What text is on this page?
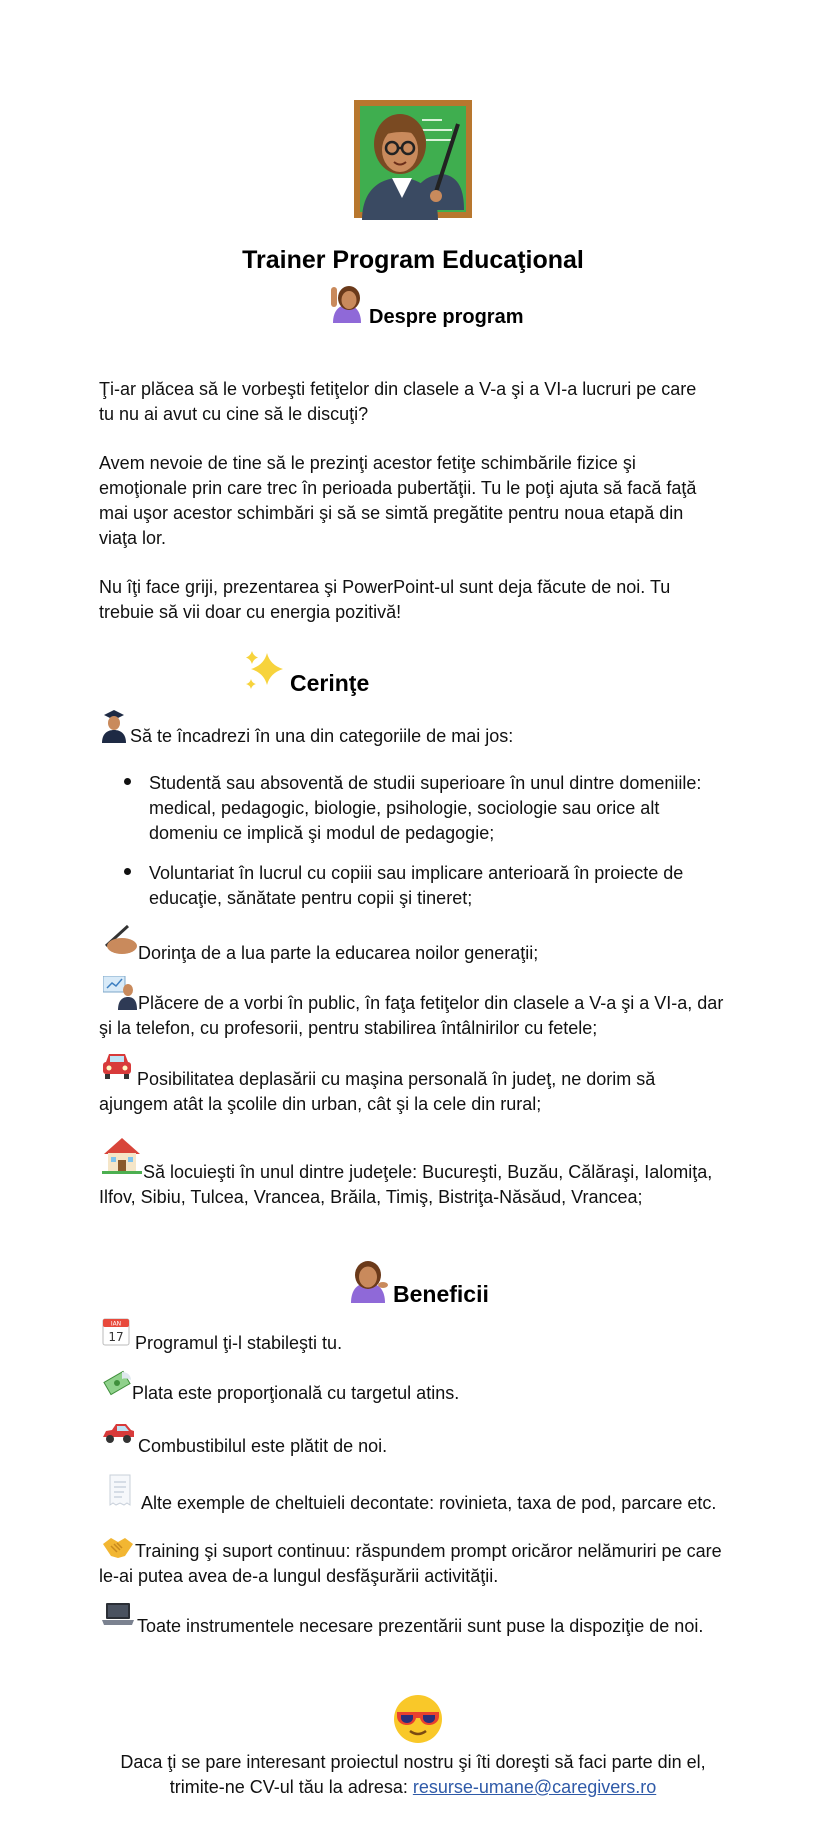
Trainer Program Educaţional
Despre program
Ţi-ar plăcea să le vorbeşti fetiţelor din clasele a V-a şi a VI-a lucruri pe care tu nu ai avut cu cine să le discuţi?
Avem nevoie de tine să le prezinţi acestor fetiţe schimbările fizice şi emoţionale prin care trec în perioada pubertăţii. Tu le poţi ajuta să facă faţă mai uşor acestor schimbări şi să se simtă pregătite pentru noua etapă din viaţa lor.
Nu îţi face griji, prezentarea şi PowerPoint-ul sunt deja făcute de noi. Tu trebuie să vii doar cu energia pozitivă!
Cerinţe
Să te încadrezi în una din categoriile de mai jos:
Studentă sau absoventă de studii superioare în unul dintre domeniile: medical, pedagogic, biologie, psihologie, sociologie sau orice alt domeniu ce implică şi modul de pedagogie;
Voluntariat în lucrul cu copiii sau implicare anterioară în proiecte de educaţie, sănătate pentru copii şi tineret;
Dorinţa de a lua parte la educarea noilor generaţii;
Plăcere de a vorbi în public, în faţa fetiţelor din clasele a V-a şi a VI-a, dar şi la telefon, cu profesorii, pentru stabilirea întâlnirilor cu fetele;
Posibilitatea deplasării cu maşina personală în judeţ, ne dorim să ajungem atât la şcolile din urban, cât şi la cele din rural;
Să locuieşti în unul dintre judeţele: Bucureşti, Buzău, Călăraşi, Ialomiţa, Ilfov, Sibiu, Tulcea, Vrancea, Brăila, Timiş, Bistriţa-Năsăud, Vrancea;
Beneficii
ΙΑΝ
17 Programul ţi-l stabileşti tu.
Plata este proporţională cu targetul atins.
Combustibilul este plătit de noi.
Alte exemple de cheltuieli decontate: rovinieta, taxa de pod, parcare etc.
Training şi suport continuu: răspundem prompt oricăror nelămuriri pe care le-ai putea avea de-a lungul desfăşurării activităţii.
Toate instrumentele necesare prezentării sunt puse la dispoziţie de noi.
Daca ţi se pare interesant proiectul nostru şi îti doreşti să faci parte din el,
trimite-ne CV-ul tău la adresa: resurse-umane@caregivers.ro
